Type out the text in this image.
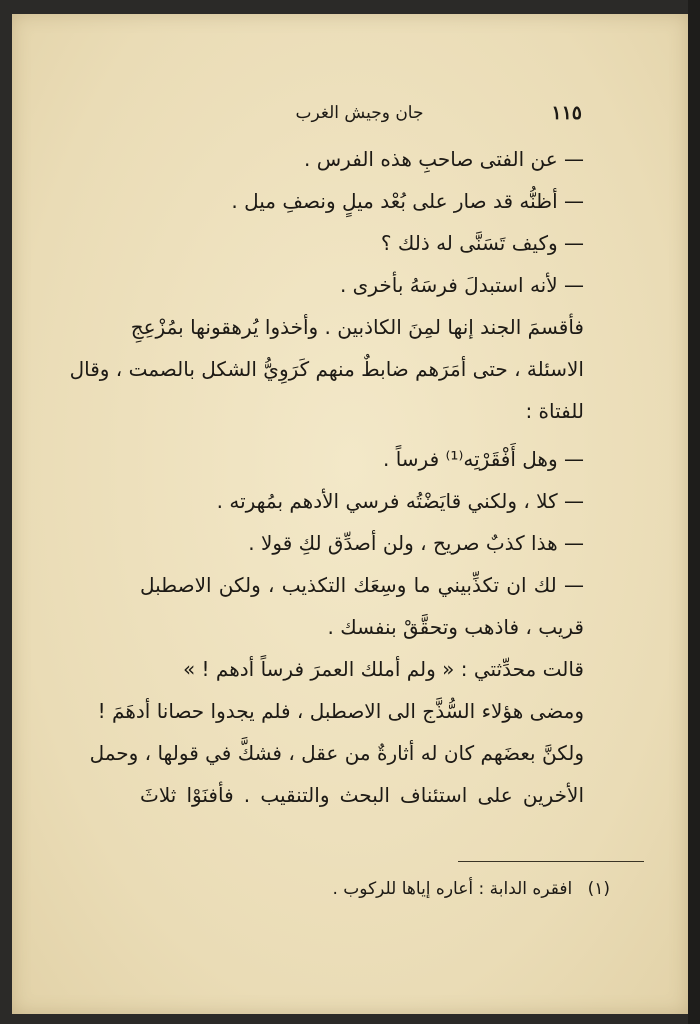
١١٥
جان وجيش الغرب
— عن الفتى صاحبِ هذه الفرس .
— أظنُّه قد صار على بُعْد ميلٍ ونصفِ ميل .
— وكيف تَسَنَّى له ذلك ؟
— لأنه استبدلَ فرسَهُ بأخرى .
فأقسمَ الجند إنها لمِنَ الكاذبين . وأخذوا يُرهقونها بمُزْعِجِ
الاسئلة ، حتى أمَرَهم ضابطٌ منهم كَرَوِيُّ الشكل بالصمت ، وقال
للفتاة :
— وهل أَفْقَرْتِه⁽¹⁾ فرساً .
— كلا ، ولكني قايَضْتُه فرسي الأدهم بمُهرته .
— هذا كذبٌ صريح ، ولن أصدِّق لكِ قولا .
— لك ان تكذِّبيني ما وسِعَك التكذيب ، ولكن الاصطبل
قريب ، فاذهب وتحقَّقْ بنفسك .
قالت محدِّثتي : « ولم أملك العمرَ فرساً أدهم ! »
ومضى هؤلاء السُّذَّج الى الاصطبل ، فلم يجدوا حصانا أدهَمَ !
ولكنَّ بعضَهم كان له أثارةٌ من عقل ، فشكَّ في قولها ، وحمل
الأخرين على استئناف البحث والتنقيب . فأفنَوْا ثلاثَ
(١) افقره الدابة : أعاره إياها للركوب .
